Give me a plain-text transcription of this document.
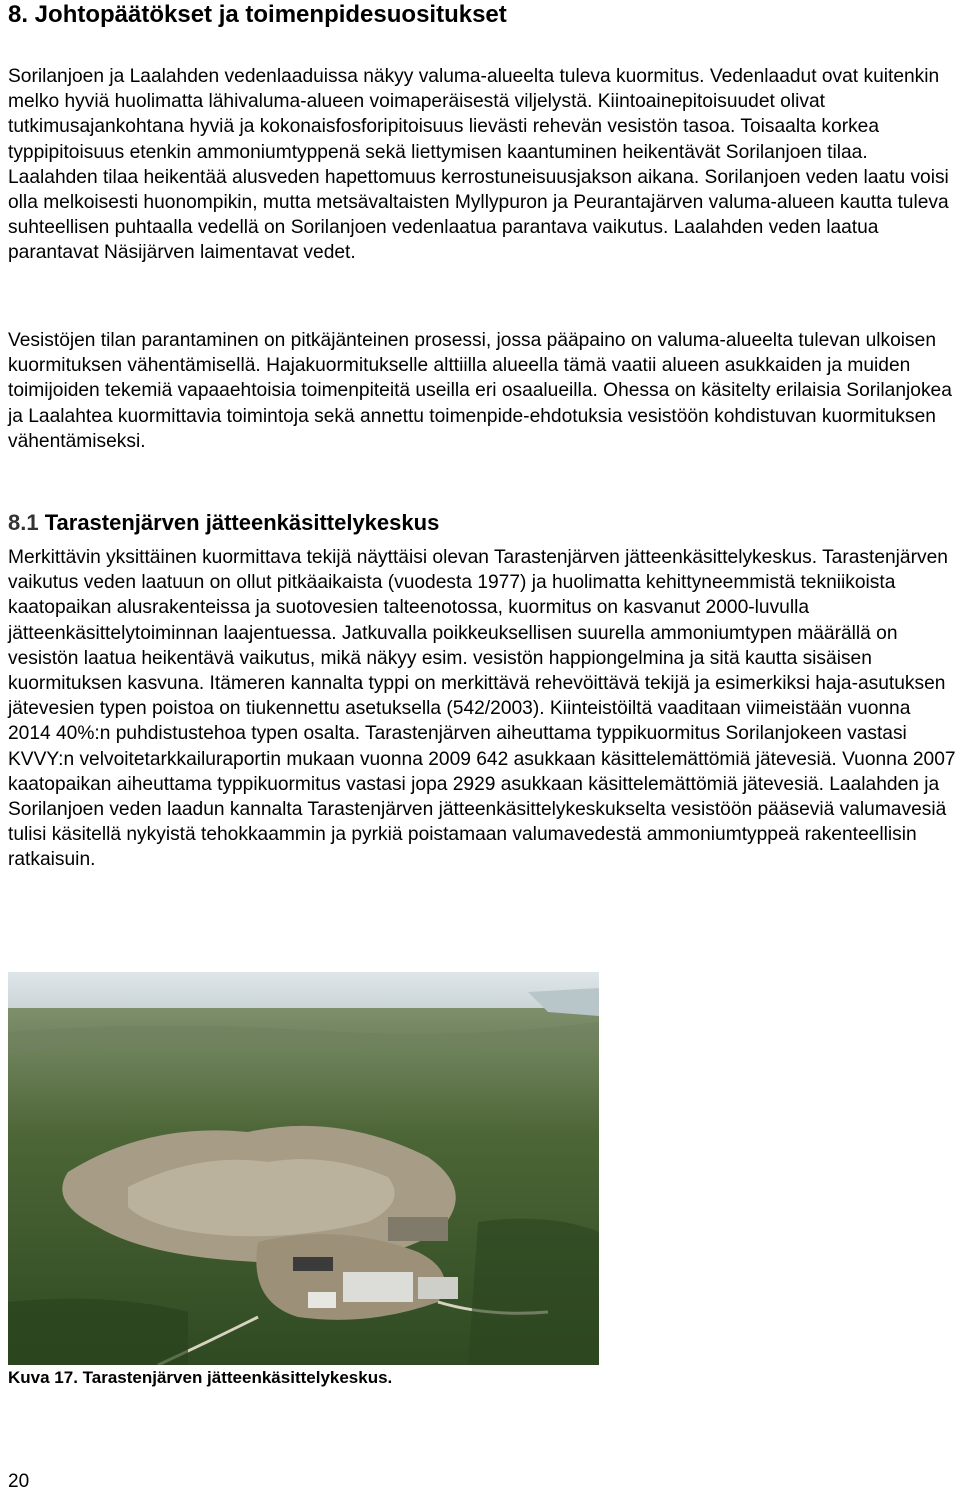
8. Johtopäätökset ja toimenpidesuositukset

Sorilanjoen ja Laalahden vedenlaaduissa näkyy valuma-alueelta tuleva kuormitus. Vedenlaadut ovat kuitenkin melko hyviä huolimatta lähivaluma-alueen voimaperäisestä viljelystä. Kiintoainepitoisuudet olivat tutkimusajankohtana hyviä ja kokonaisfosforipitoisuus lievästi rehevän vesistön tasoa. Toisaalta korkea typpipitoisuus etenkin ammoniumtyppenä sekä liettymisen kaantuminen heikentävät Sorilanjoen tilaa. Laalahden tilaa heikentää alusveden hapettomuus kerrostuneisuusjakson aikana. Sorilanjoen veden laatu voisi olla melkoisesti huonompikin, mutta metsävaltaisten Myllypuron ja Peurantajärven valuma-alueen kautta tuleva suhteellisen puhtaalla vedellä on Sorilanjoen vedenlaatua parantava vaikutus. Laalahden veden laatua parantavat Näsijärven laimentavat vedet.

Vesistöjen tilan parantaminen on pitkäjänteinen prosessi, jossa pääpaino on valuma-alueelta tulevan ulkoisen kuormituksen vähentämisellä. Hajakuormitukselle alttiilla alueella tämä vaatii alueen asukkaiden ja muiden toimijoiden tekemiä vapaaehtoisia toimenpiteitä useilla eri osaalueilla. Ohessa on käsitelty erilaisia Sorilanjokea ja Laalahtea kuormittavia toimintoja sekä annettu toimenpide-ehdotuksia vesistöön kohdistuvan kuormituksen vähentämiseksi.

8.1 Tarastenjärven jätteenkäsittelykeskus

Merkittävin yksittäinen kuormittava tekijä näyttäisi olevan Tarastenjärven jätteenkäsittelykeskus. Tarastenjärven vaikutus veden laatuun on ollut pitkäaikaista (vuodesta 1977) ja huolimatta kehittyneemmistä tekniikoista kaatopaikan alusrakenteissa ja suotovesien talteenotossa, kuormitus on kasvanut 2000-luvulla jätteenkäsittelytoiminnan laajentuessa. Jatkuvalla poikkeuksellisen suurella ammoniumtypen määrällä on vesistön laatua heikentävä vaikutus, mikä näkyy esim. vesistön happiongelmina ja sitä kautta sisäisen kuormituksen kasvuna. Itämeren kannalta typpi on merkittävä rehevöittävä tekijä ja esimerkiksi haja-asutuksen jätevesien typen poistoa on tiukennettu asetuksella (542/2003). Kiinteistöiltä vaaditaan viimeistään vuonna 2014 40%:n puhdistustehoa typen osalta. Tarastenjärven aiheuttama typpikuormitus Sorilanjokeen vastasi KVVY:n velvoitetarkkailuraportin mukaan vuonna 2009 642 asukkaan käsittelemättömiä jätevesiä. Vuonna 2007 kaatopaikan aiheuttama typpikuormitus vastasi jopa 2929 asukkaan käsittelemättömiä jätevesiä. Laalahden ja Sorilanjoen veden laadun kannalta Tarastenjärven jätteenkäsittelykeskukselta vesistöön pääseviä valumavesiä tulisi käsitellä nykyistä tehokkaammin ja pyrkiä poistamaan valumavedestä ammoniumtyppeä rakenteellisin ratkaisuin.

Kuva 17. Tarastenjärven jätteenkäsittelykeskus.
20
